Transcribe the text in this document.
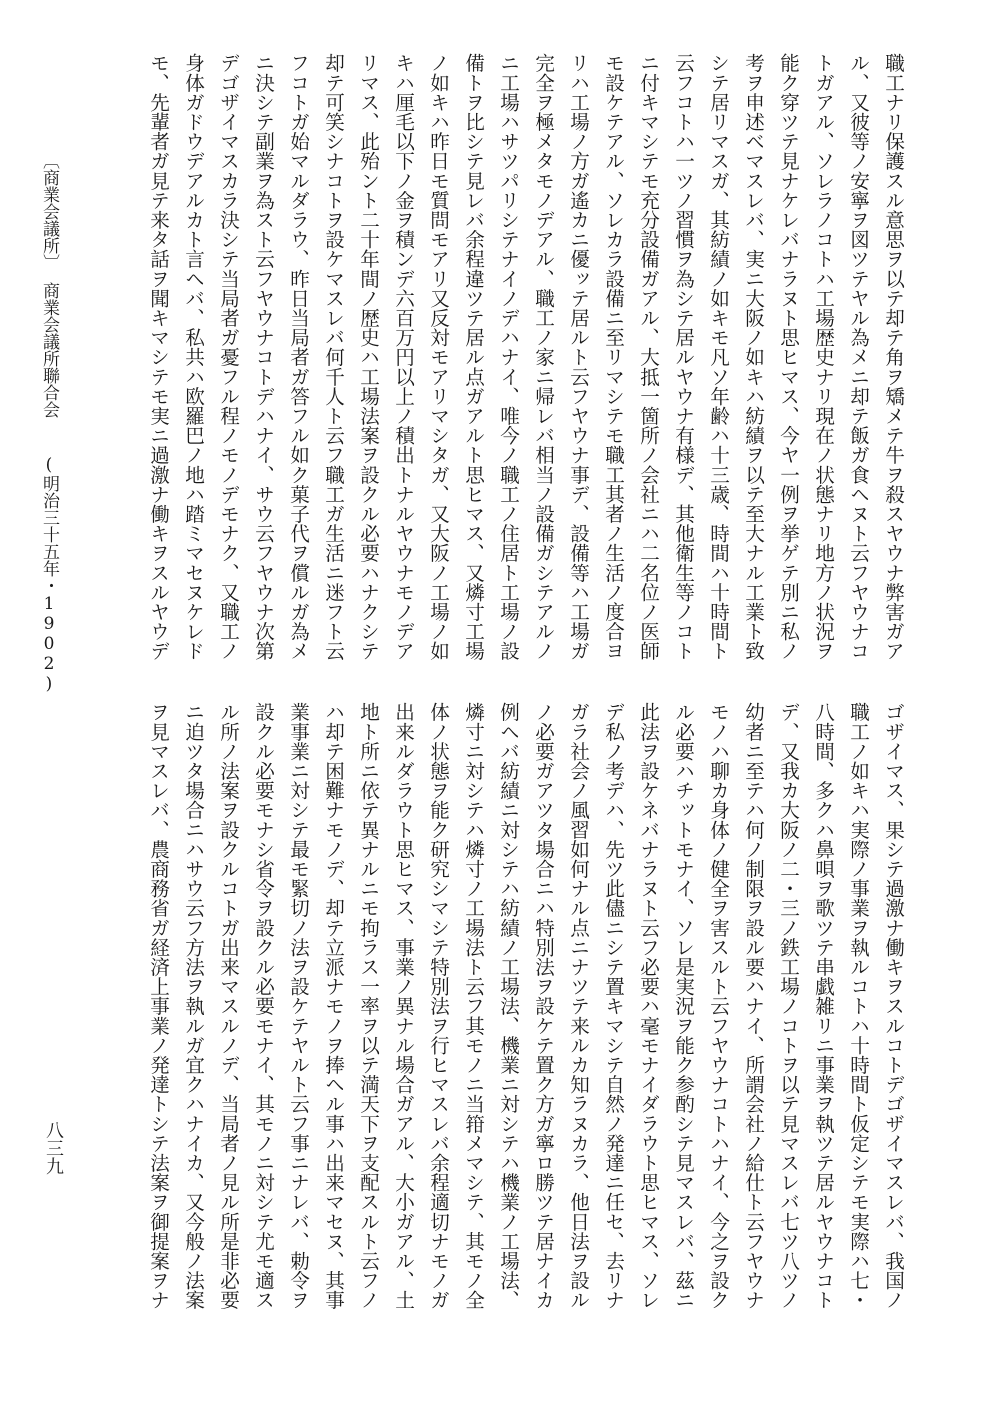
職工ナリ保護スル意思ヲ以テ却テ角ヲ矯メテ牛ヲ殺スヤウナ弊害ガア

ル、又彼等ノ安寧ヲ図ツテヤル為メニ却テ飯ガ食ヘヌト云フヤウナコ

トガアル、ソレラノコトハ工場歴史ナリ現在ノ状態ナリ地方ノ状況ヲ

能ク穿ツテ見ナケレバナラヌト思ヒマス、今ヤ一例ヲ挙ゲテ別ニ私ノ

考ヲ申述ベマスレバ、実ニ大阪ノ如キハ紡績ヲ以テ至大ナル工業ト致

シテ居リマスガ、其紡績ノ如キモ凡ソ年齢ハ十三歳、時間ハ十時間ト

云フコトハ一ツノ習慣ヲ為シテ居ルヤウナ有様デ、其他衛生等ノコト

ニ付キマシテモ充分設備ガアル、大抵一箇所ノ会社ニハ二名位ノ医師

モ設ケテアル、ソレカラ設備ニ至リマシテモ職工其者ノ生活ノ度合ヨ

リハ工場ノ方ガ遙カニ優ッテ居ルト云フヤウナ事デ、設備等ハ工場ガ

完全ヲ極メタモノデアル、職工ノ家ニ帰レバ相当ノ設備ガシテアルノ

ニ工場ハサツパリシテナイノデハナイ、唯今ノ職工ノ住居ト工場ノ設

備トヲ比シテ見レバ余程違ツテ居ル点ガアルト思ヒマス、又燐寸工場

ノ如キハ昨日モ質問モアリ又反対モアリマシタガ、又大阪ノ工場ノ如

キハ厘毛以下ノ金ヲ積ンデ六百万円以上ノ積出トナルヤウナモノデア

リマス、此殆ント二十年間ノ歴史ハ工場法案ヲ設クル必要ハナクシテ

却テ可笑シナコトヲ設ケマスレバ何千人ト云フ職工ガ生活ニ迷フト云

フコトガ始マルダラウ、昨日当局者ガ答フル如ク菓子代ヲ償ルガ為メ

ニ決シテ副業ヲ為スト云フヤウナコトデハナイ、サウ云フヤウナ次第

デゴザイマスカラ決シテ当局者ガ憂フル程ノモノデモナク、又職工ノ

身体ガドウデアルカト言ヘバ、私共ハ欧羅巴ノ地ハ踏ミマセヌケレド

モ、先輩者ガ見テ来タ話ヲ聞キマシテモ実ニ過激ナ働キヲスルヤウデ

ゴザイマス、果シテ過激ナ働キヲスルコトデゴザイマスレバ、我国ノ

職工ノ如キハ実際ノ事業ヲ執ルコトハ十時間ト仮定シテモ実際ハ七・

八時間、多クハ鼻唄ヲ歌ツテ串戯雑リニ事業ヲ執ツテ居ルヤウナコト

デ、又我カ大阪ノ二・三ノ鉄工場ノコトヲ以テ見マスレバ七ツ八ツノ

幼者ニ至テハ何ノ制限ヲ設ル要ハナイ、所謂会社ノ給仕ト云フヤウナ

モノハ聊カ身体ノ健全ヲ害スルト云フヤウナコトハナイ、今之ヲ設ク

ル必要ハチットモナイ、ソレ是実況ヲ能ク参酌シテ見マスレバ、茲ニ

此法ヲ設ケネバナラヌト云フ必要ハ毫モナイダラウト思ヒマス、ソレ

デ私ノ考デハ、先ツ此儘ニシテ置キマシテ自然ノ発達ニ任セ、去リナ

ガラ社会ノ風習如何ナル点ニナツテ来ルカ知ラヌカラ、他日法ヲ設ル

ノ必要ガアツタ場合ニハ特別法ヲ設ケテ置ク方ガ寧ロ勝ツテ居ナイカ

例ヘバ紡績ニ対シテハ紡績ノ工場法、機業ニ対シテハ機業ノ工場法、

燐寸ニ対シテハ燐寸ノ工場法ト云フ其モノニ当箝メマシテ、其モノ全

体ノ状態ヲ能ク研究シマシテ特別法ヲ行ヒマスレバ余程適切ナモノガ

出来ルダラウト思ヒマス、事業ノ異ナル場合ガアル、大小ガアル、土

地ト所ニ依テ異ナルニモ拘ラス一率ヲ以テ満天下ヲ支配スルト云フノ

ハ却テ困難ナモノデ、却テ立派ナモノヲ捧ヘル事ハ出来マセヌ、其事

業事業ニ対シテ最モ緊切ノ法ヲ設ケテヤルト云フ事ニナレバ、勅令ヲ

設クル必要モナシ省令ヲ設クル必要モナイ、其モノニ対シテ尤モ適ス

ル所ノ法案ヲ設クルコトガ出来マスルノデ、当局者ノ見ル所是非必要

ニ迫ツタ場合ニハサウ云フ方法ヲ執ルガ宜クハナイカ、又今般ノ法案

ヲ見マスレバ、農商務省ガ経済上事業ノ発達トシテ法案ヲ御提案ヲナ

〔商業会議所〕
商業会議所聯合会
(明治三十五年・1902)
八三九
